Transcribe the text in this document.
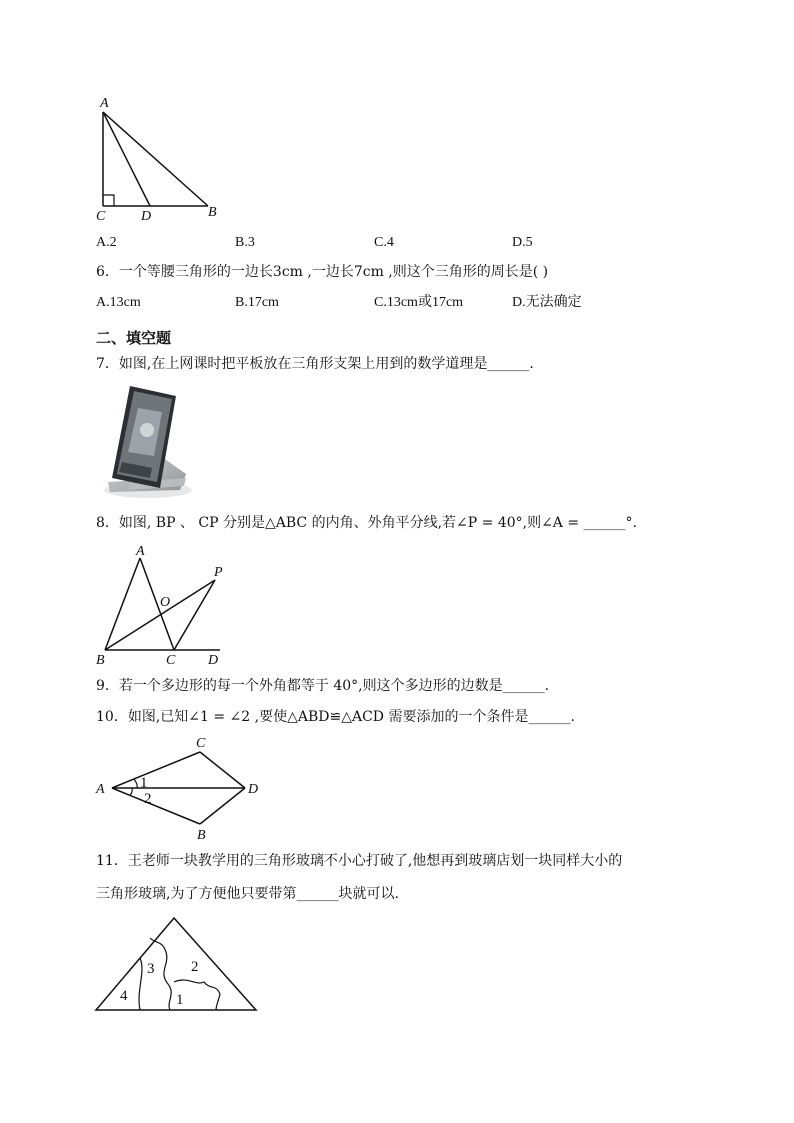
A
C	D	B
A.2	B.3	C.4	D.5
6．一个等腰三角形的一边长3cm ,一边长7cm ,则这个三角形的周长是( )
A.13cm	B.17cm	C.13cm或17cm	D.无法确定
二、填空题
7．如图,在上网课时把平板放在三角形支架上用到的数学道理是______.
8．如图, BP 、 CP 分别是△ABC 的内角、外角平分线,若∠P = 40°,则∠A = ______°.
A
P
O
B	C D
9．若一个多边形的每一个外角都等于 40°,则这个多边形的边数是______.
10．如图,已知∠1 = ∠2 ,要使△ABD≌△ACD 需要添加的一个条件是______.
1
2
A
C
D
B
11．王老师一块教学用的三角形玻璃不小心打破了,他想再到玻璃店划一块同样大小的
三角形玻璃,为了方便他只要带第______块就可以.
4
3 2
1
